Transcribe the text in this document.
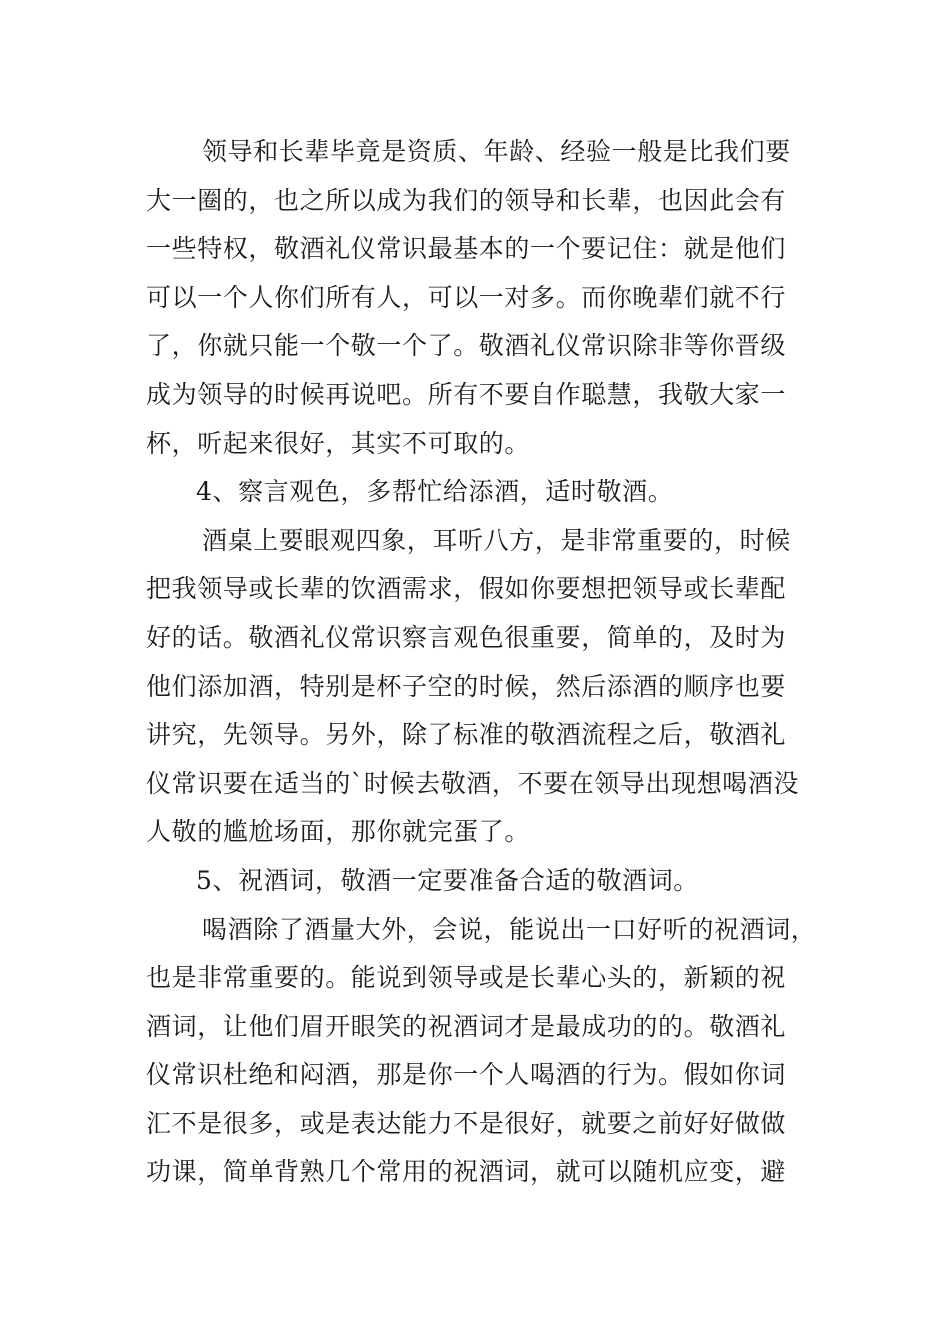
领导和长辈毕竟是资质、年龄、经验一般是比我们要
大一圈的，也之所以成为我们的领导和长辈，也因此会有
一些特权，敬酒礼仪常识最基本的一个要记住：就是他们
可以一个人你们所有人，可以一对多。而你晚辈们就不行
了，你就只能一个敬一个了。敬酒礼仪常识除非等你晋级
成为领导的时候再说吧。所有不要自作聪慧，我敬大家一
杯，听起来很好，其实不可取的。
4、察言观色，多帮忙给添酒，适时敬酒。
酒桌上要眼观四象，耳听八方，是非常重要的，时候
把我领导或长辈的饮酒需求，假如你要想把领导或长辈配
好的话。敬酒礼仪常识察言观色很重要，简单的，及时为
他们添加酒，特别是杯子空的时候，然后添酒的顺序也要
讲究，先领导。另外，除了标准的敬酒流程之后，敬酒礼
仪常识要在适当的`时候去敬酒，不要在领导出现想喝酒没
人敬的尴尬场面，那你就完蛋了。
5、祝酒词，敬酒一定要准备合适的敬酒词。
喝酒除了酒量大外，会说，能说出一口好听的祝酒词，
也是非常重要的。能说到领导或是长辈心头的，新颖的祝
酒词，让他们眉开眼笑的祝酒词才是最成功的的。敬酒礼
仪常识杜绝和闷酒，那是你一个人喝酒的行为。假如你词
汇不是很多，或是表达能力不是很好，就要之前好好做做
功课，简单背熟几个常用的祝酒词，就可以随机应变，避
